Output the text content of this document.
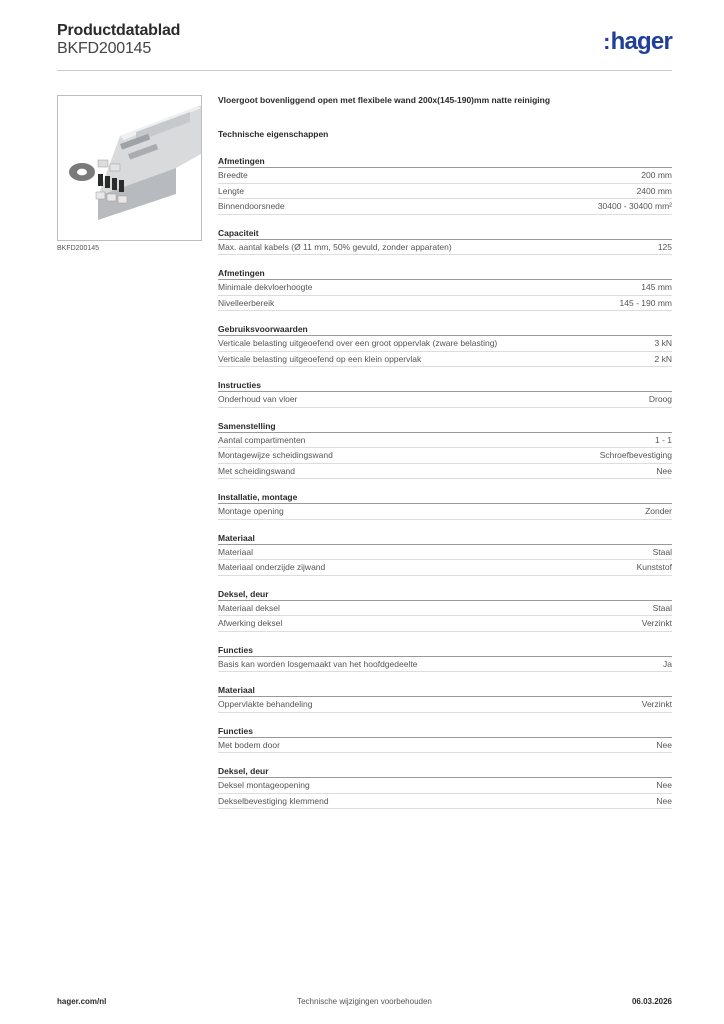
Productdatablad
BKFD200145	:hager
BKFD200145
Vloergoot bovenliggend open met flexibele wand 200x(145-190)mm natte reiniging
Technische eigenschappen
Afmetingen
Breedte	200 mm
Lengte	2400 mm
Binnendoorsnede	30400 - 30400 mm²
Capaciteit
Max. aantal kabels (Ø 11 mm, 50% gevuld, zonder apparaten)	125
Afmetingen
Minimale dekvloerhoogte	145 mm
Nivelleerbereik	145 - 190 mm
Gebruiksvoorwaarden
Verticale belasting uitgeoefend over een groot oppervlak (zware belasting)	3 kN
Verticale belasting uitgeoefend op een klein oppervlak	2 kN
Instructies
Onderhoud van vloer	Droog
Samenstelling
Aantal compartimenten	1 - 1
Montagewijze scheidingswand	Schroefbevestiging
Met scheidingswand	Nee
Installatie, montage
Montage opening	Zonder
Materiaal
Materiaal	Staal
Materiaal onderzijde zijwand	Kunststof
Deksel, deur
Materiaal deksel	Staal
Afwerking deksel	Verzinkt
Functies
Basis kan worden losgemaakt van het hoofdgedeelte	Ja
Materiaal
Oppervlakte behandeling	Verzinkt
Functies
Met bodem door	Nee
Deksel, deur
Deksel montageopening	Nee
Dekselbevestiging klemmend	Nee
hager.com/nl	Technische wijzigingen voorbehouden	06.03.2026
